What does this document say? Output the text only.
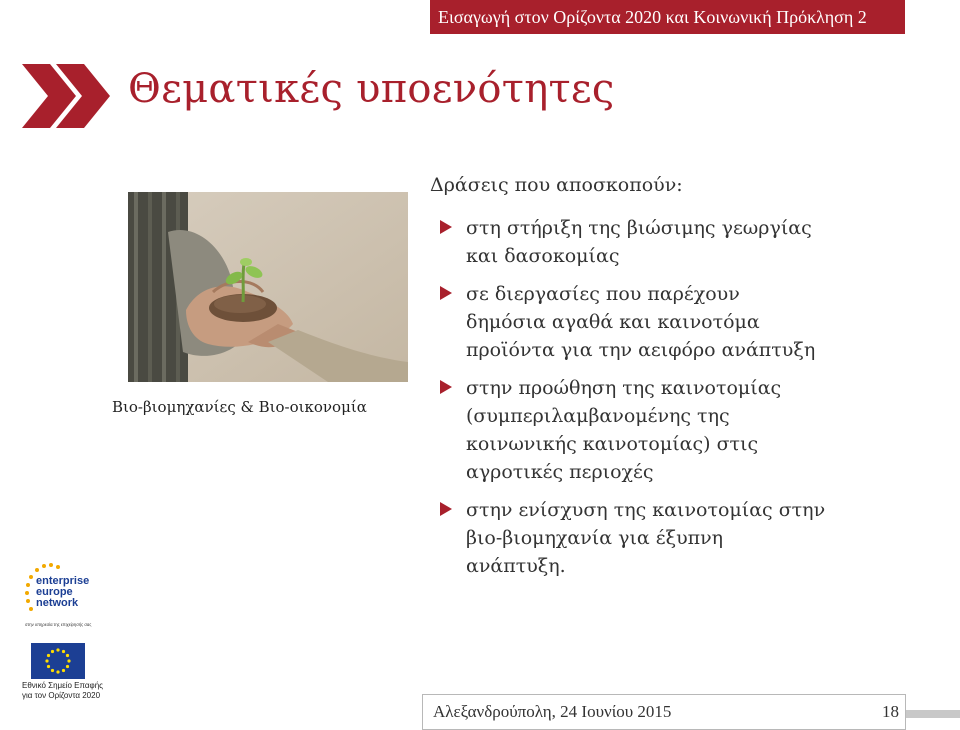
Εισαγωγή στον Ορίζοντα 2020 και Κοινωνική Πρόκληση 2
Θεματικές υποενότητες
Βιο-βιομηχανίες & Βιο-οικονομία
Δράσεις που αποσκοπούν:
στη στήριξη της βιώσιμης γεωργίας
και δασοκομίας
σε διεργασίες που παρέχουν
δημόσια αγαθά και καινοτόμα
προϊόντα για την αειφόρο ανάπτυξη
στην προώθηση της καινοτομίας
(συμπεριλαμβανομένης της
κοινωνικής καινοτομίας) στις
αγροτικές περιοχές
στην ενίσχυση της καινοτομίας στην
βιο-βιομηχανία για έξυπνη
ανάπτυξη.
enterprise
europe
network
στην υπηρεσία της επιχείρησής σας
Εθνικό Σημείο Επαφής
για τον Ορίζοντα 2020
Αλεξανδρούπολη, 24 Ιουνίου 2015	18
